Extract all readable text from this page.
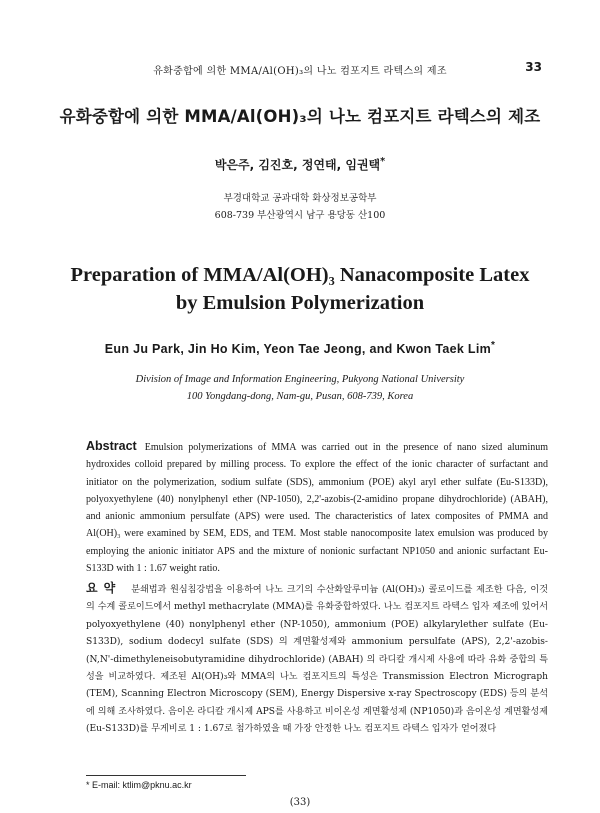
유화중합에 의한 MMA/Al(OH)₃의 나노 컴포지트 라텍스의 제조	33
유화중합에 의한 MMA/Al(OH)₃의 나노 컴포지트 라텍스의 제조
박은주, 김진호, 정연태, 임권택*
부경대학교 공과대학 화상정보공학부
608-739 부산광역시 남구 용당동 산100
Preparation of MMA/Al(OH)₃ Nanacomposite Latex
by Emulsion Polymerization
Eun Ju Park, Jin Ho Kim, Yeon Tae Jeong, and Kwon Taek Lim*
Division of Image and Information Engineering, Pukyong National University
100 Yongdang-dong, Nam-gu, Pusan, 608-739, Korea
Abstract Emulsion polymerizations of MMA was carried out in the presence of nano sized aluminum hydroxides colloid prepared by milling process. To explore the effect of the ionic character of surfactant and initiator on the polymerization, sodium sulfate (SDS), ammonium (POE) akyl aryl ether sulfate (Eu-S133D), polyoxyethylene (40) nonylphenyl ether (NP-1050), 2,2'-azobis-(2-amidino propane dihydrochloride) (ABAH), and anionic ammonium persulfate (APS) were used. The characteristics of latex composites of PMMA and Al(OH)₃ were examined by SEM, EDS, and TEM. Most stable nanocomposite latex emulsion was produced by employing the anionic initiator APS and the mixture of nonionic surfactant NP1050 and anionic surfactant Eu-S133D with 1 : 1.67 weight ratio.
요약 분쇄법과 원심침강법을 이용하여 나노 크기의 수산화알루미늄 (Al(OH)₃) 콜로이드를 제조한 다음, 이것의 수계 콜로이드에서 methyl methacrylate (MMA)를 유화중합하였다. 나노 컴포지트 라텍스 입자 제조에 있어서 polyoxyethylene (40) nonylphenyl ether (NP-1050), ammonium (POE) alkylarylether sulfate (Eu-S133D), sodium dodecyl sulfate (SDS) 의 계면활성제와 ammonium persulfate (APS), 2,2'-azobis- (N,N'-dimethyleneisobutyramidine dihydrochloride) (ABAH) 의 라디칼 개시제 사용에 따라 유화 중합의 특성을 비교하였다. 제조된 Al(OH)₃와 MMA의 나노 컴포지트의 특성은 Transmission Electron Micrograph (TEM), Scanning Electron Microscopy (SEM), Energy Dispersive x-ray Spectroscopy (EDS) 등의 분석에 의해 조사하였다. 음이온 라디칼 개시제 APS를 사용하고 비이온성 계면활성제 (NP1050)과 음이온성 계면활성제 (Eu-S133D)를 무게비로 1 : 1.67로 첨가하였을 때 가장 안정한 나노 컴포지트 라텍스 입자가 얻어졌다
* E-mail: ktlim@pknu.ac.kr
(33)
